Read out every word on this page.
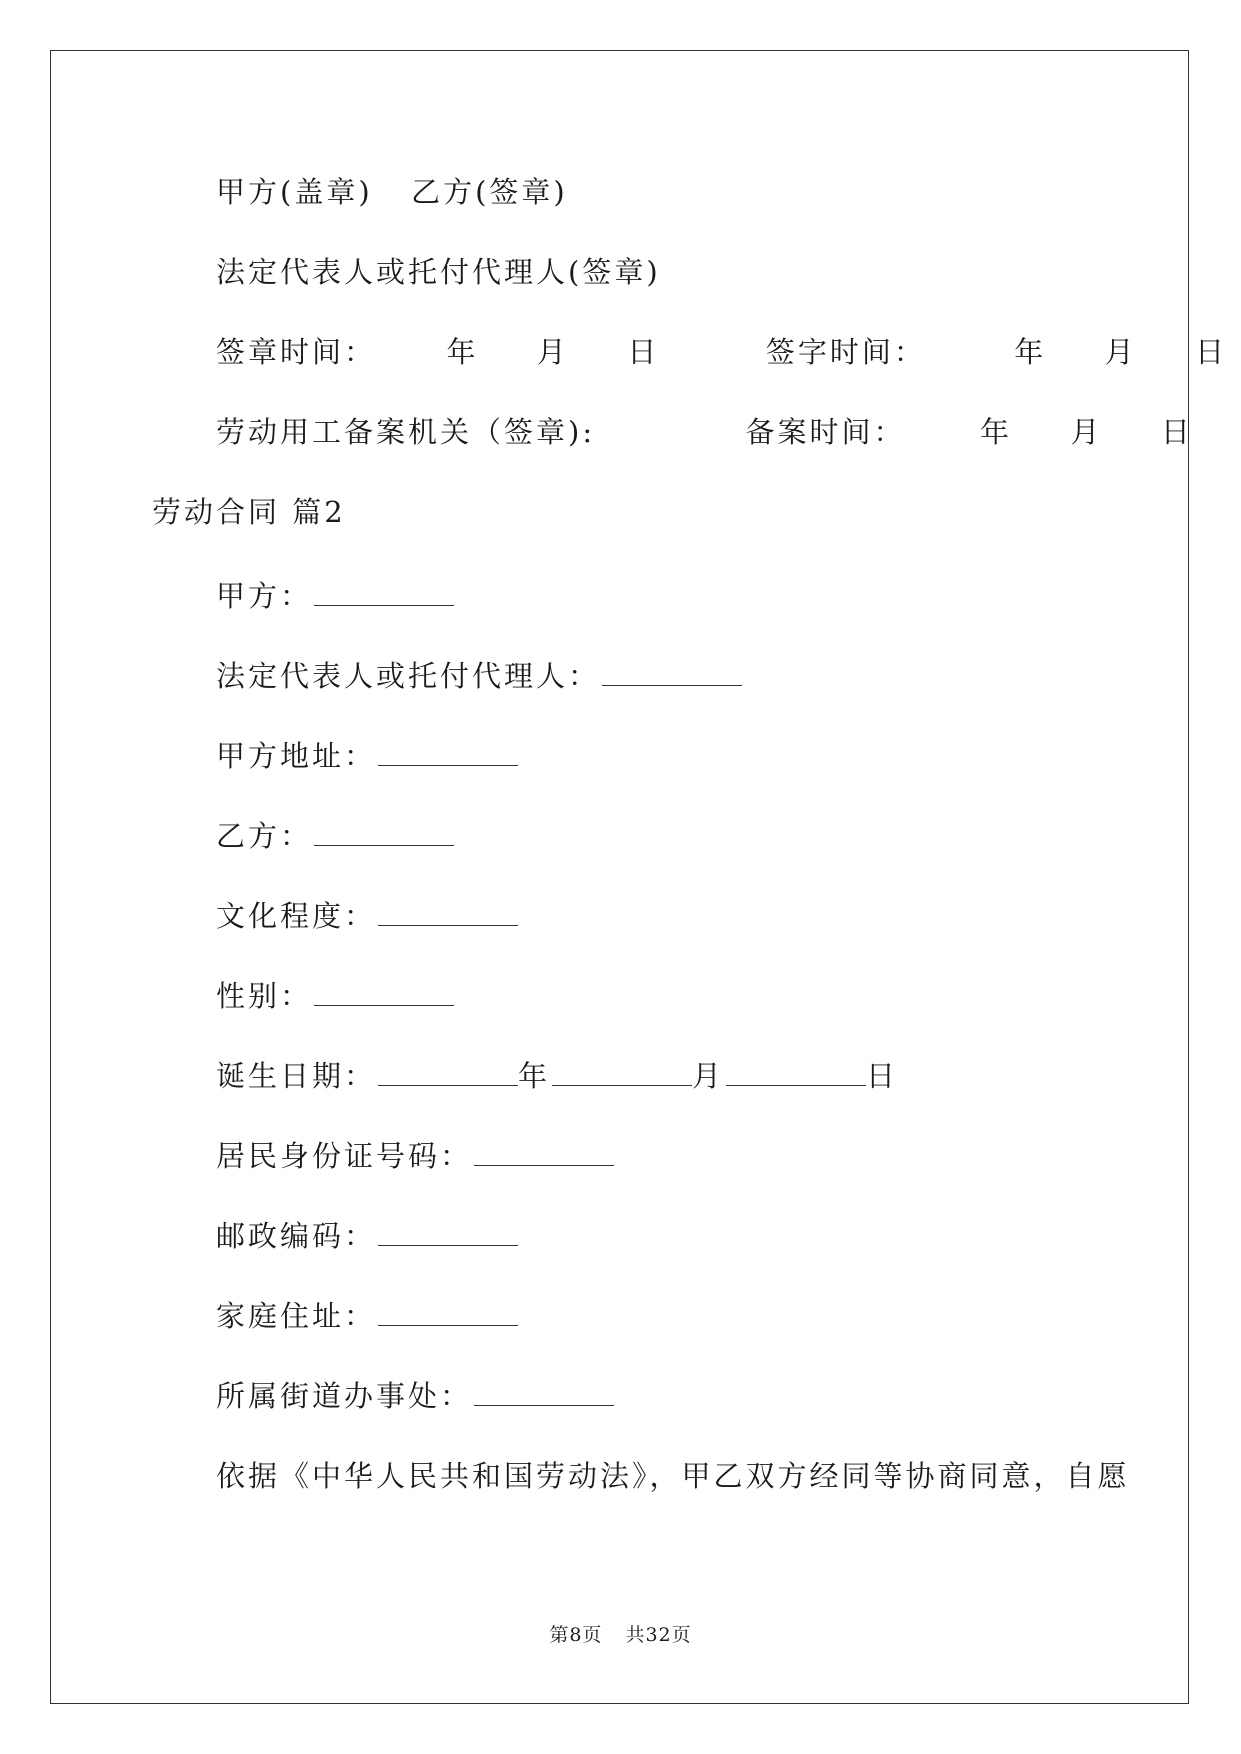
甲方(盖章) 乙方(签章)
法定代表人或托付代理人(签章)
签章时间： 年 月 日	签字时间：	年 月 日
劳动用工备案机关（签章):	备案时间：	年 月 日
劳动合同 篇2
甲方：
法定代表人或托付代理人：
甲方地址：
乙方：
文化程度：
性别：
诞生日期：	年	月	日
居民身份证号码：
邮政编码：
家庭住址：
所属街道办事处：
依据《中华人民共和国劳动法》，甲乙双方经同等协商同意，自愿
第8页 共32页
